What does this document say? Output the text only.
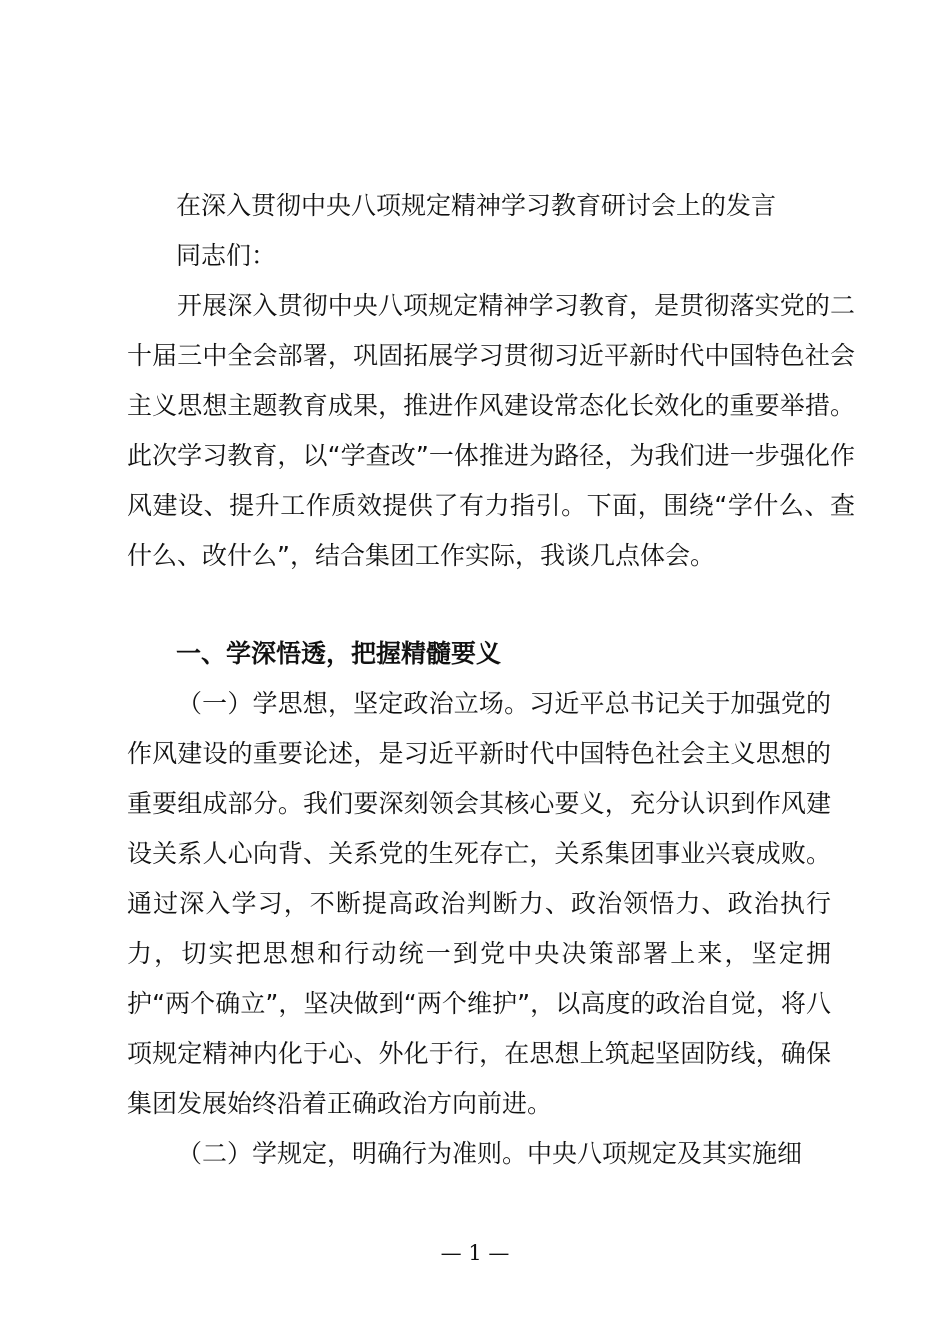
在深入贯彻中央八项规定精神学习教育研讨会上的发言
同志们：

开展深入贯彻中央八项规定精神学习教育，是贯彻落实党的二十届三中全会部署，巩固拓展学习贯彻习近平新时代中国特色社会主义思想主题教育成果，推进作风建设常态化长效化的重要举措。此次学习教育，以“学查改”一体推进为路径，为我们进一步强化作风建设、提升工作质效提供了有力指引。下面，围绕“学什么、查什么、改什么”，结合集团工作实际，我谈几点体会。

一、学深悟透，把握精髓要义

（一）学思想，坚定政治立场。习近平总书记关于加强党的作风建设的重要论述，是习近平新时代中国特色社会主义思想的重要组成部分。我们要深刻领会其核心要义，充分认识到作风建设关系人心向背、关系党的生死存亡，关系集团事业兴衰成败。通过深入学习，不断提高政治判断力、政治领悟力、政治执行力，切实把思想和行动统一到党中央决策部署上来，坚定拥护“两个确立”，坚决做到“两个维护”，以高度的政治自觉，将八项规定精神内化于心、外化于行，在思想上筑起坚固防线，确保集团发展始终沿着正确政治方向前进。

（二）学规定，明确行为准则。中央八项规定及其实施细

— 1 —
